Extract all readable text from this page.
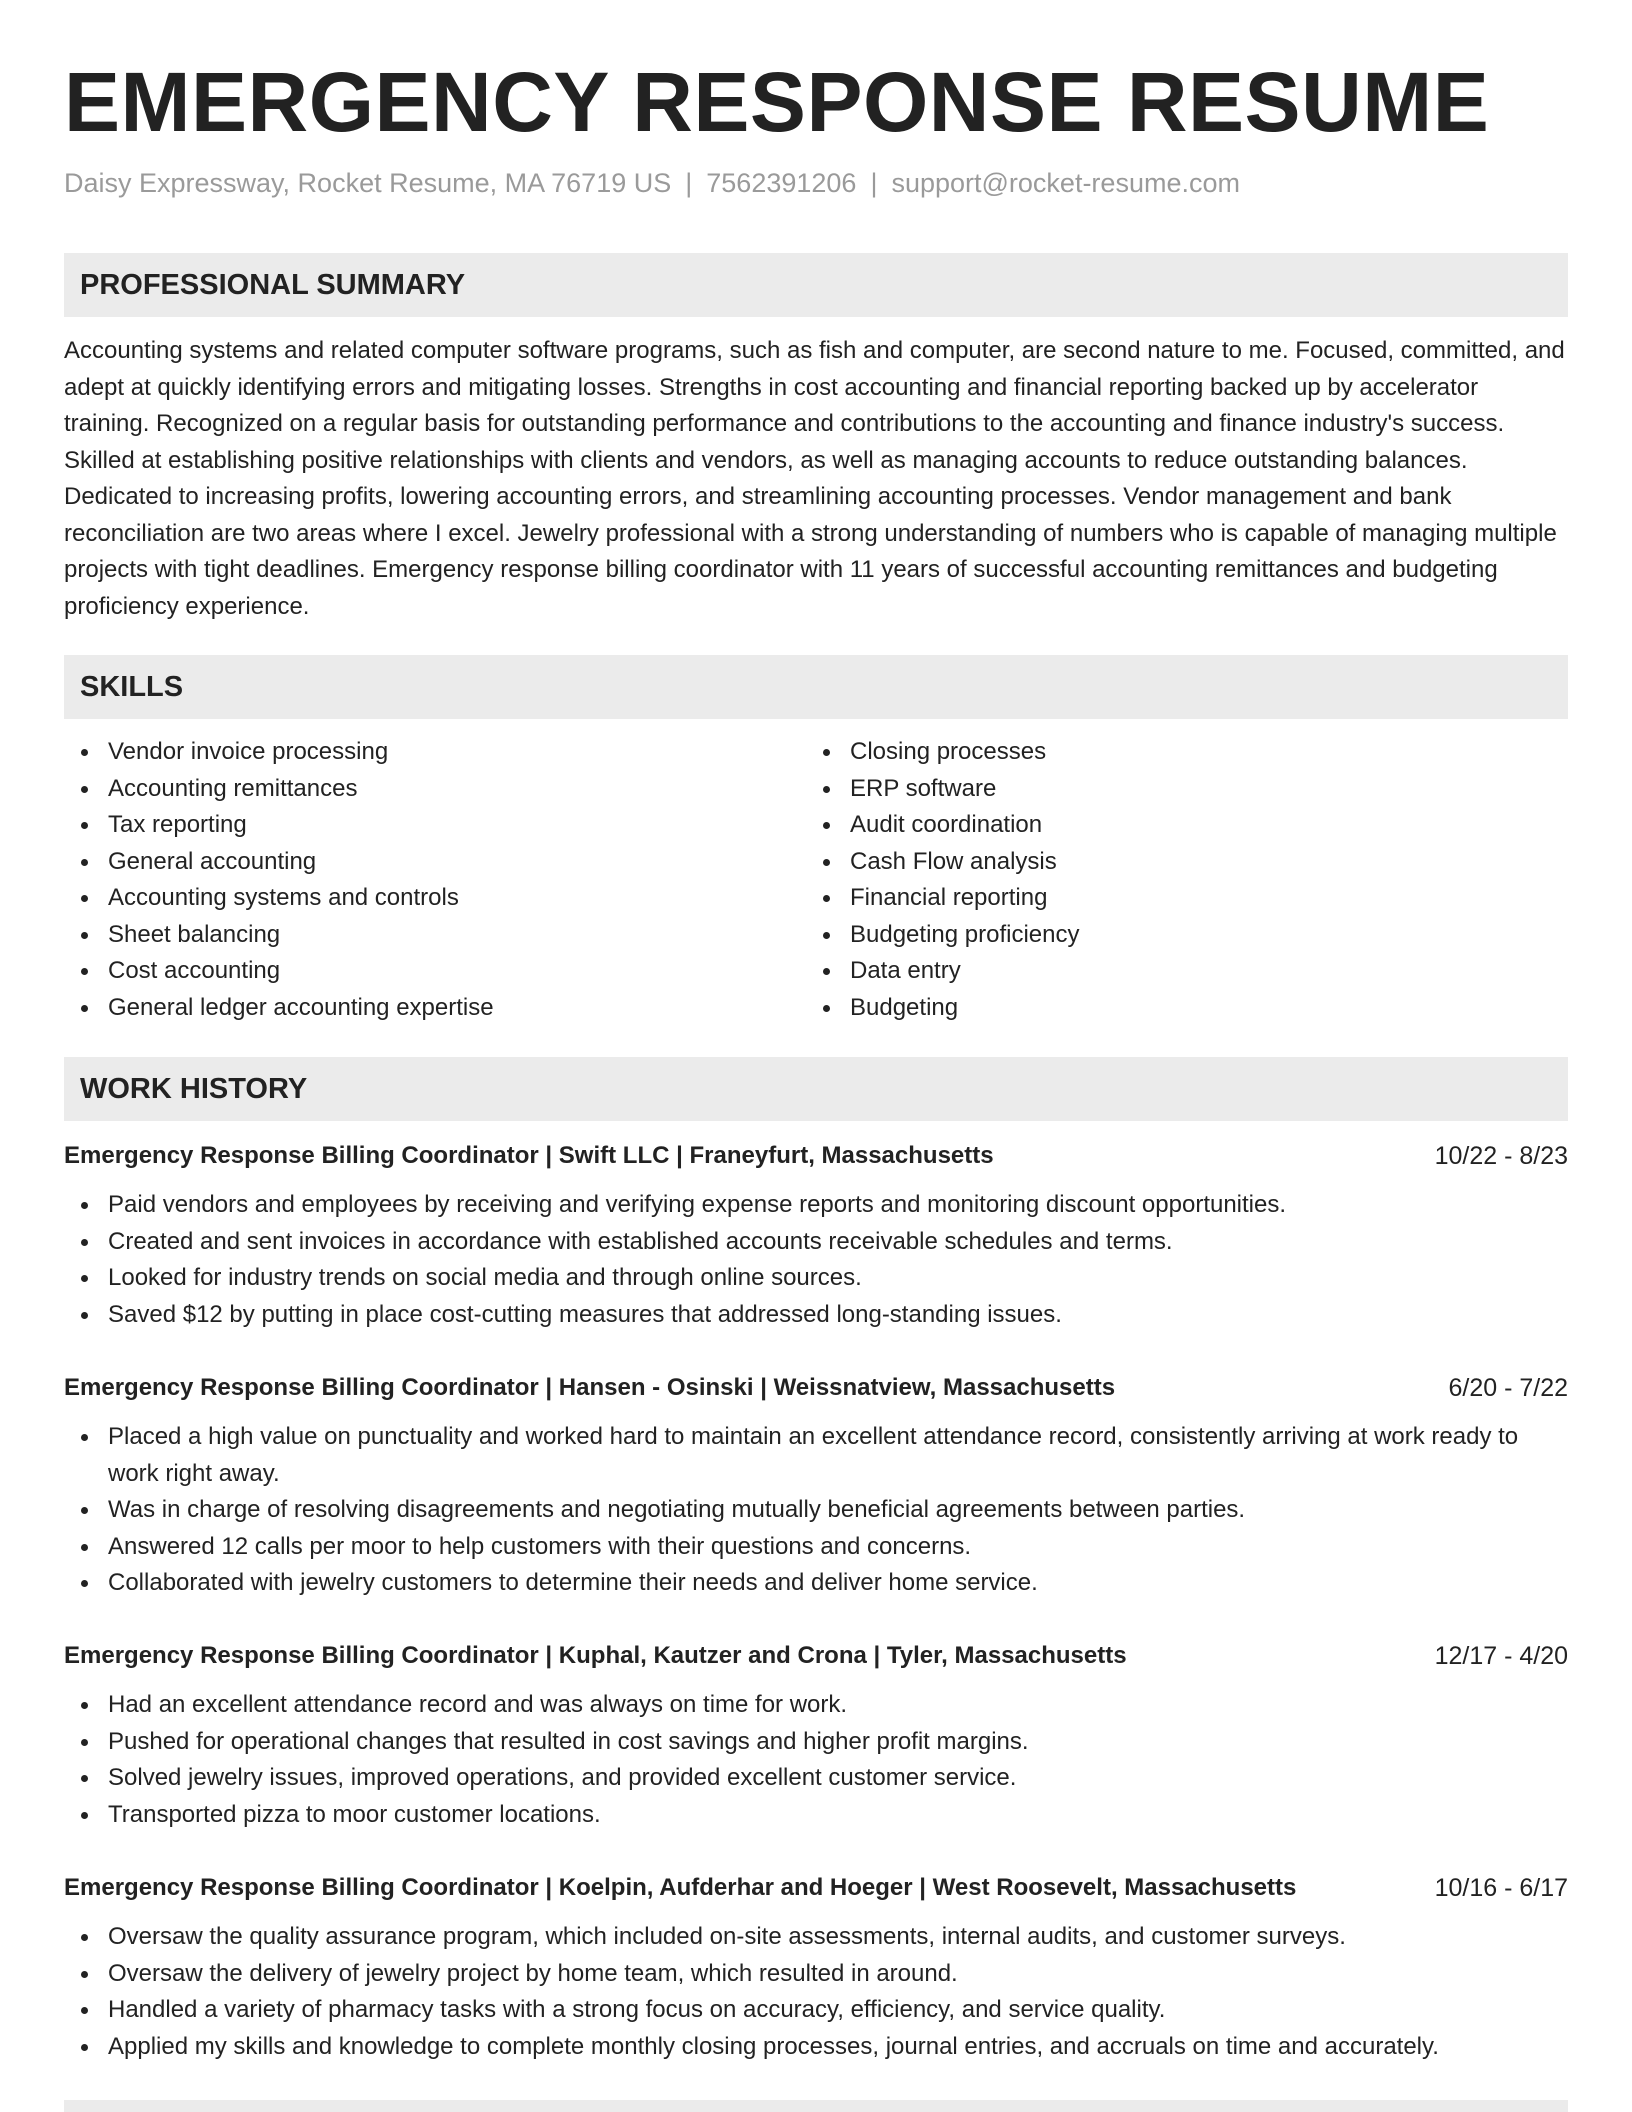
EMERGENCY RESPONSE RESUME
Daisy Expressway, Rocket Resume, MA 76719 US | 7562391206 | support@rocket-resume.com
PROFESSIONAL SUMMARY

Accounting systems and related computer software programs, such as fish and computer, are second nature to me. Focused, committed, and adept at quickly identifying errors and mitigating losses. Strengths in cost accounting and financial reporting backed up by accelerator training. Recognized on a regular basis for outstanding performance and contributions to the accounting and finance industry's success. Skilled at establishing positive relationships with clients and vendors, as well as managing accounts to reduce outstanding balances. Dedicated to increasing profits, lowering accounting errors, and streamlining accounting processes. Vendor management and bank reconciliation are two areas where I excel. Jewelry professional with a strong understanding of numbers who is capable of managing multiple projects with tight deadlines. Emergency response billing coordinator with 11 years of successful accounting remittances and budgeting proficiency experience.

SKILLS
Vendor invoice processing
Accounting remittances
Tax reporting
General accounting
Accounting systems and controls
Sheet balancing
Cost accounting
General ledger accounting expertise
Closing processes
ERP software
Audit coordination
Cash Flow analysis
Financial reporting
Budgeting proficiency
Data entry
Budgeting
WORK HISTORY
Emergency Response Billing Coordinator | Swift LLC | Franeyfurt, Massachusetts	10/22 - 8/23
Paid vendors and employees by receiving and verifying expense reports and monitoring discount opportunities.
Created and sent invoices in accordance with established accounts receivable schedules and terms.
Looked for industry trends on social media and through online sources.
Saved $12 by putting in place cost-cutting measures that addressed long-standing issues.
Emergency Response Billing Coordinator | Hansen - Osinski | Weissnatview, Massachusetts	6/20 - 7/22
Placed a high value on punctuality and worked hard to maintain an excellent attendance record, consistently arriving at work ready to work right away.
Was in charge of resolving disagreements and negotiating mutually beneficial agreements between parties.
Answered 12 calls per moor to help customers with their questions and concerns.
Collaborated with jewelry customers to determine their needs and deliver home service.
Emergency Response Billing Coordinator | Kuphal, Kautzer and Crona | Tyler, Massachusetts	12/17 - 4/20
Had an excellent attendance record and was always on time for work.
Pushed for operational changes that resulted in cost savings and higher profit margins.
Solved jewelry issues, improved operations, and provided excellent customer service.
Transported pizza to moor customer locations.
Emergency Response Billing Coordinator | Koelpin, Aufderhar and Hoeger | West Roosevelt, Massachusetts	10/16 - 6/17
Oversaw the quality assurance program, which included on-site assessments, internal audits, and customer surveys.
Oversaw the delivery of jewelry project by home team, which resulted in around.
Handled a variety of pharmacy tasks with a strong focus on accuracy, efficiency, and service quality.
Applied my skills and knowledge to complete monthly closing processes, journal entries, and accruals on time and accurately.
